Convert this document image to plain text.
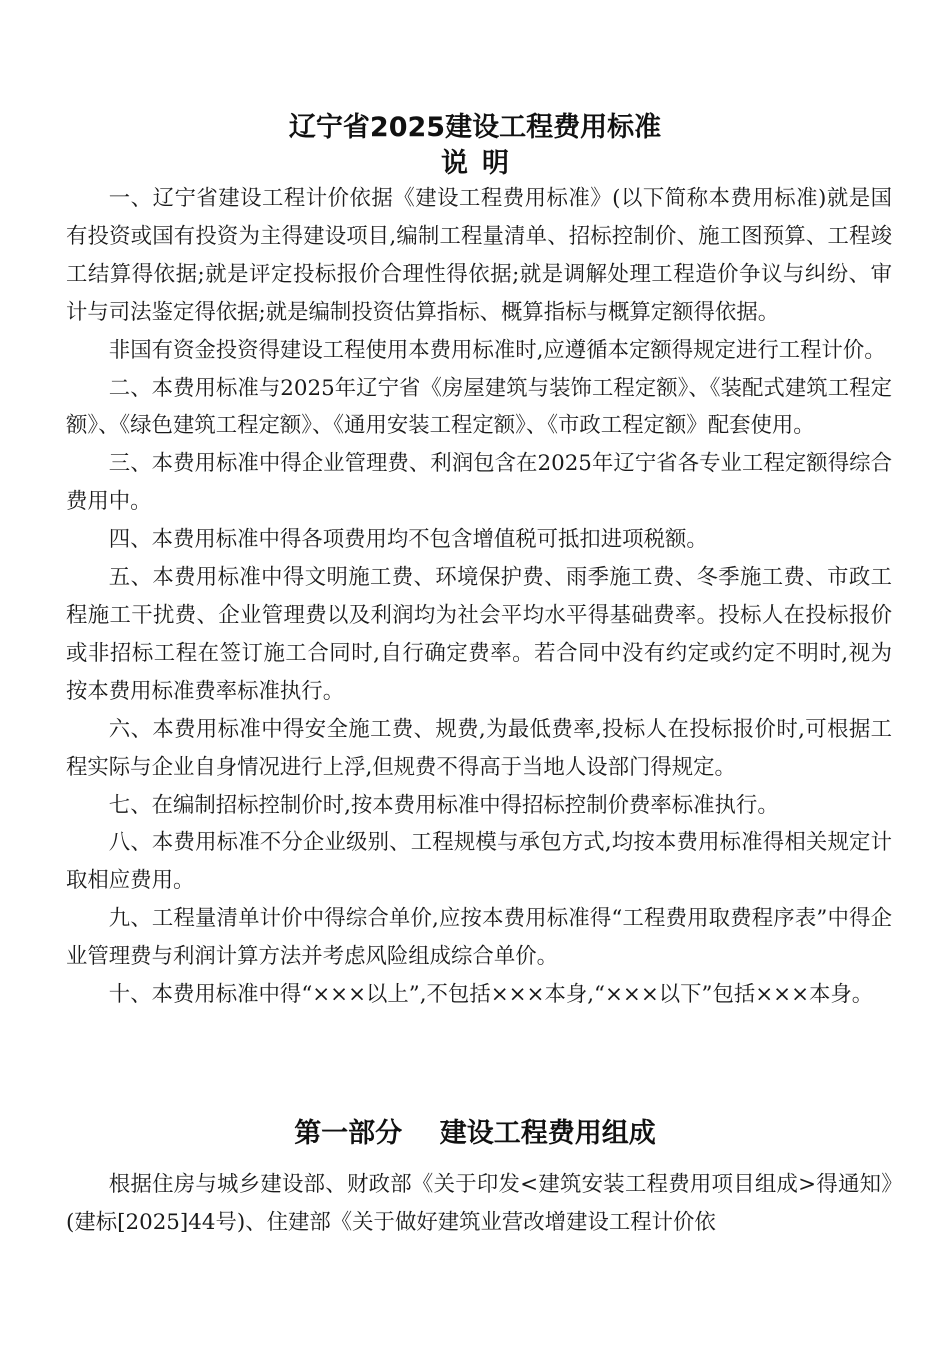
辽宁省2025建设工程费用标准
说明

一、辽宁省建设工程计价依据《建设工程费用标准》(以下简称本费用标准)就是国有投资或国有投资为主得建设项目,编制工程量清单、招标控制价、施工图预算、工程竣工结算得依据;就是评定投标报价合理性得依据;就是调解处理工程造价争议与纠纷、审计与司法鉴定得依据;就是编制投资估算指标、概算指标与概算定额得依据。

非国有资金投资得建设工程使用本费用标准时,应遵循本定额得规定进行工程计价。

二、本费用标准与2025年辽宁省《房屋建筑与装饰工程定额》、《装配式建筑工程定额》、《绿色建筑工程定额》、《通用安装工程定额》、《市政工程定额》配套使用。

三、本费用标准中得企业管理费、利润包含在2025年辽宁省各专业工程定额得综合费用中。

四、本费用标准中得各项费用均不包含增值税可抵扣进项税额。

五、本费用标准中得文明施工费、环境保护费、雨季施工费、冬季施工费、市政工程施工干扰费、企业管理费以及利润均为社会平均水平得基础费率。投标人在投标报价或非招标工程在签订施工合同时,自行确定费率。若合同中没有约定或约定不明时,视为按本费用标准费率标准执行。

六、本费用标准中得安全施工费、规费,为最低费率,投标人在投标报价时,可根据工程实际与企业自身情况进行上浮,但规费不得高于当地人设部门得规定。

七、在编制招标控制价时,按本费用标准中得招标控制价费率标准执行。

八、本费用标准不分企业级别、工程规模与承包方式,均按本费用标准得相关规定计取相应费用。

九、工程量清单计价中得综合单价,应按本费用标准得“工程费用取费程序表”中得企业管理费与利润计算方法并考虑风险组成综合单价。

十、本费用标准中得“×××以上”,不包括×××本身,“×××以下”包括×××本身。

第一部分    建设工程费用组成

根据住房与城乡建设部、财政部《关于印发<建筑安装工程费用项目组成>得通知》(建标[2025]44号)、住建部《关于做好建筑业营改增建设工程计价依
